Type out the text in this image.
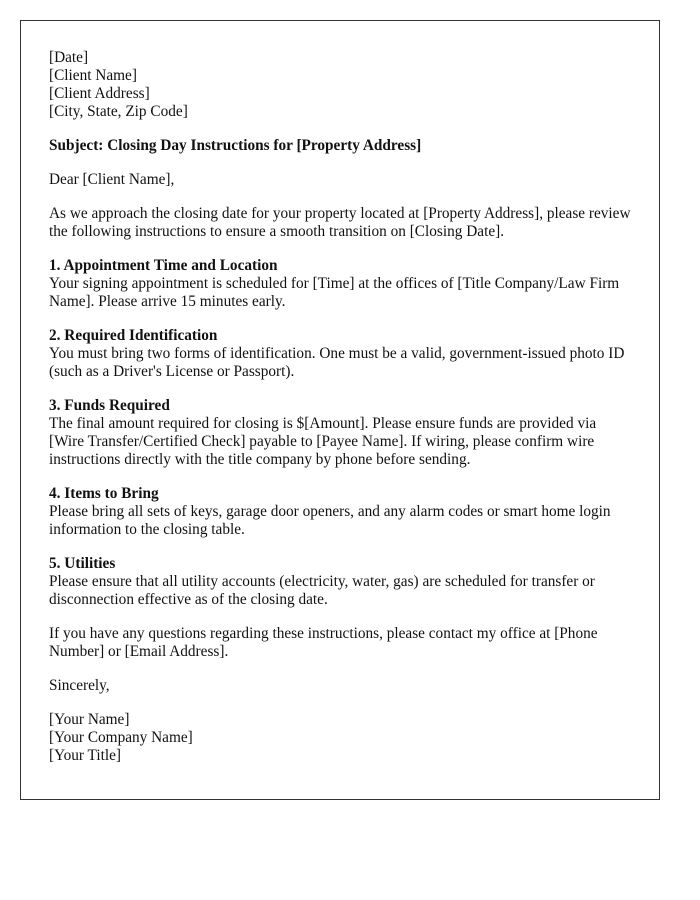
[Date]
[Client Name]
[Client Address]
[City, State, Zip Code]

Subject: Closing Day Instructions for [Property Address]

Dear [Client Name],

As we approach the closing date for your property located at [Property Address], please review the following instructions to ensure a smooth transition on [Closing Date].

1. Appointment Time and Location
Your signing appointment is scheduled for [Time] at the offices of [Title Company/Law Firm Name]. Please arrive 15 minutes early.
2. Required Identification
You must bring two forms of identification. One must be a valid, government-issued photo ID (such as a Driver's License or Passport).
3. Funds Required
The final amount required for closing is $[Amount]. Please ensure funds are provided via [Wire Transfer/Certified Check] payable to [Payee Name]. If wiring, please confirm wire instructions directly with the title company by phone before sending.
4. Items to Bring
Please bring all sets of keys, garage door openers, and any alarm codes or smart home login information to the closing table.
5. Utilities
Please ensure that all utility accounts (electricity, water, gas) are scheduled for transfer or disconnection effective as of the closing date.

If you have any questions regarding these instructions, please contact my office at [Phone Number] or [Email Address].

Sincerely,

[Your Name]
[Your Company Name]
[Your Title]
